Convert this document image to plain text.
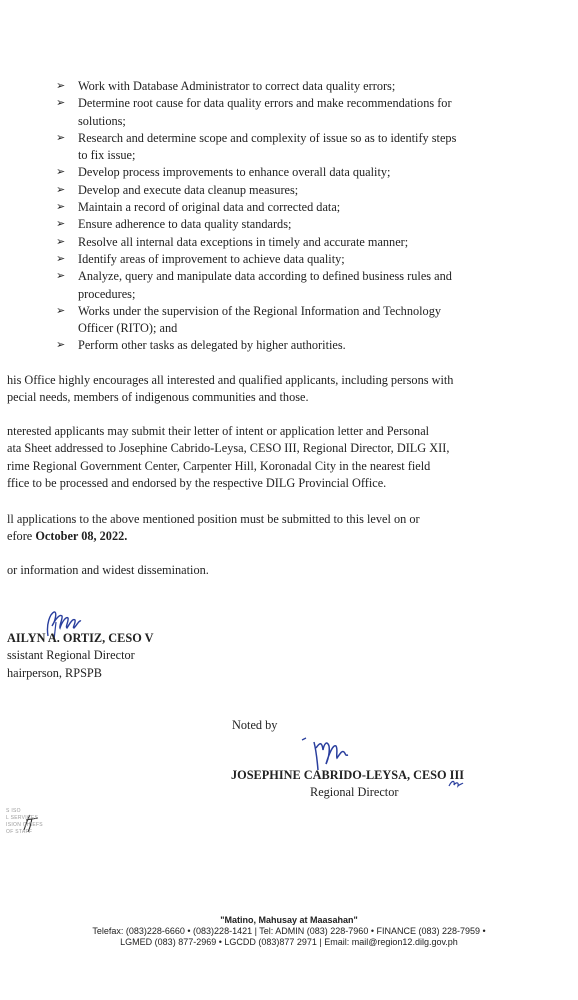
➢ Work with Database Administrator to correct data quality errors;
➢ Determine root cause for data quality errors and make recommendations for
solutions;
➢ Research and determine scope and complexity of issue so as to identify steps
to fix issue;
➢ Develop process improvements to enhance overall data quality;
➢ Develop and execute data cleanup measures;
➢ Maintain a record of original data and corrected data;
➢ Ensure adherence to data quality standards;
➢ Resolve all internal data exceptions in timely and accurate manner;
➢ Identify areas of improvement to achieve data quality;
➢ Analyze, query and manipulate data according to defined business rules and
procedures;
➢ Works under the supervision of the Regional Information and Technology
Officer (RITO); and
➢ Perform other tasks as delegated by higher authorities.

his Office highly encourages all interested and qualified applicants, including persons with
pecial needs, members of indigenous communities and those.

nterested applicants may submit their letter of intent or application letter and Personal
ata Sheet addressed to Josephine Cabrido-Leysa, CESO III, Regional Director, DILG XII,
rime Regional Government Center, Carpenter Hill, Koronadal City in the nearest field
ffice to be processed and endorsed by the respective DILG Provincial Office.

ll applications to the above mentioned position must be submitted to this level on or
efore October 08, 2022.

or information and widest dissemination.

AILYN A. ORTIZ, CESO V
ssistant Regional Director
hairperson, RPSPB

Noted by

JOSEPHINE CABRIDO-LEYSA, CESO III
Regional Director

S ISO
L SERVICES
ISION CHIEFS
OF STAFF
"Matino, Mahusay at Maasahan"
Telefax: (083)228-6660 • (083)228-1421 | Tel: ADMIN (083) 228-7960 • FINANCE (083) 228-7959 •
LGMED (083) 877-2969 • LGCDD (083)877 2971 | Email: mail@region12.dilg.gov.ph
